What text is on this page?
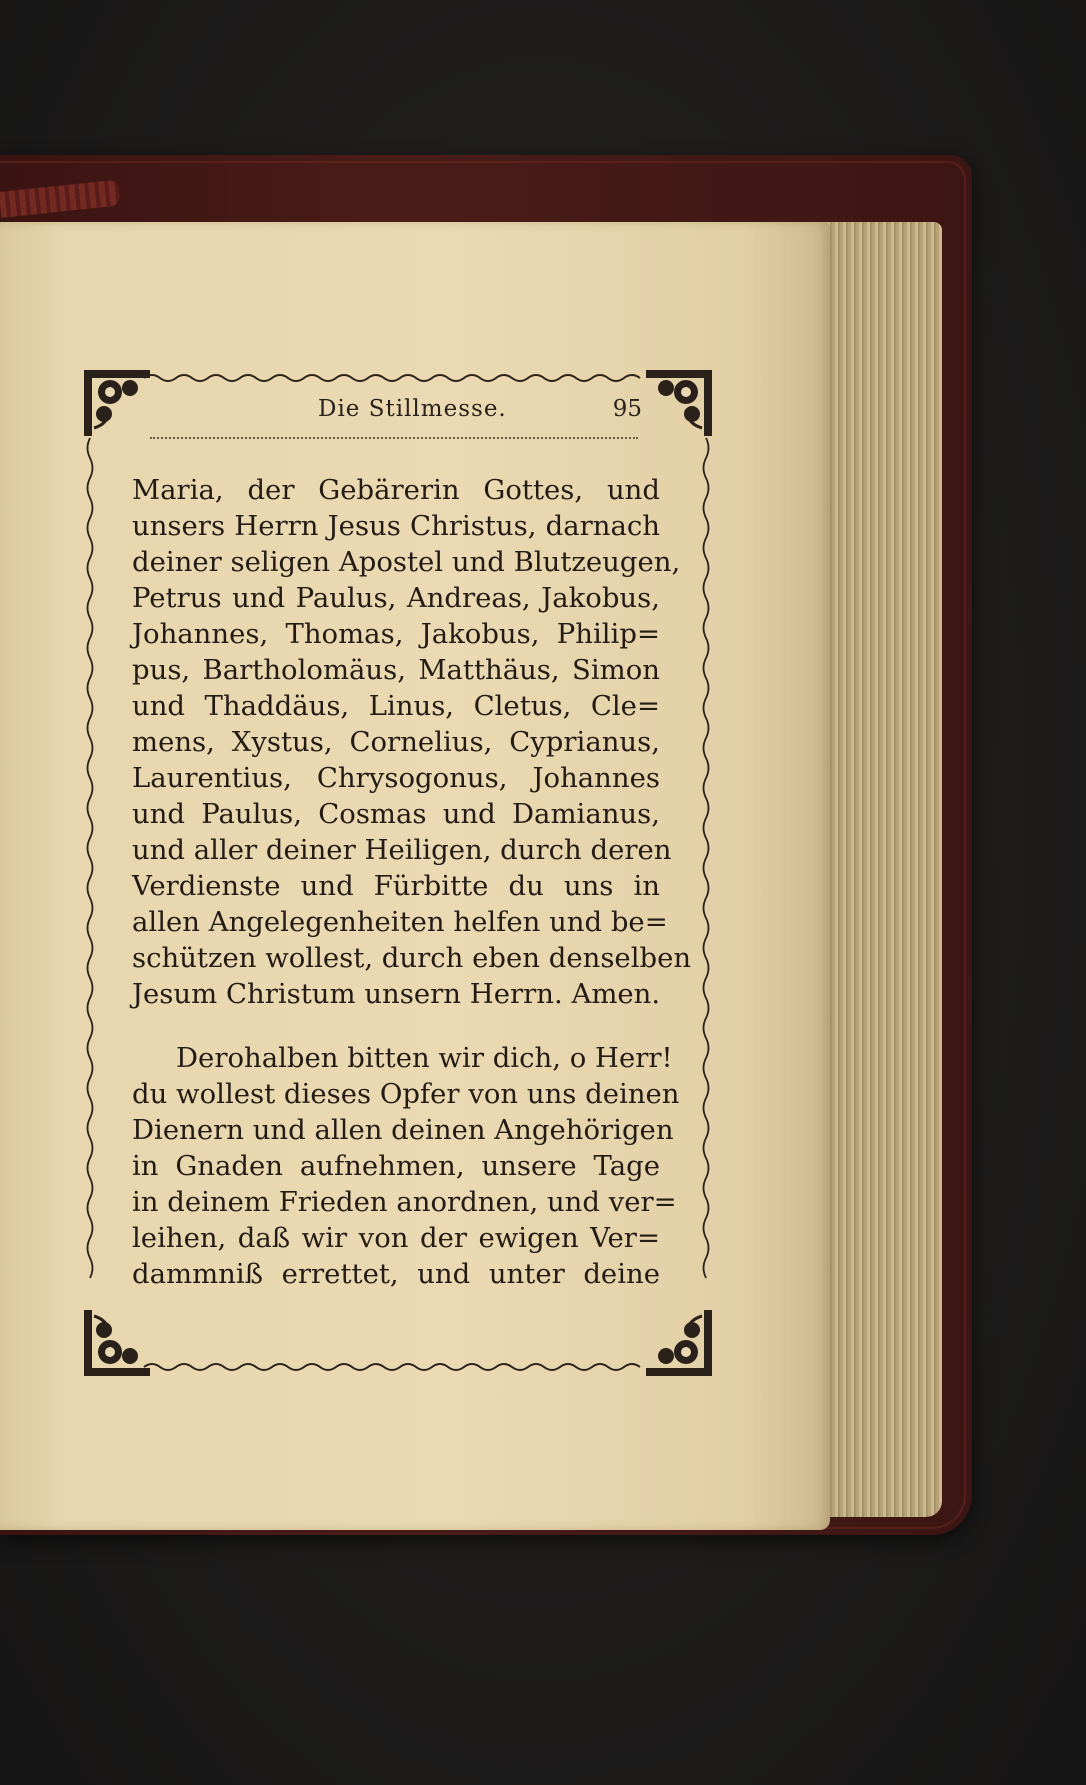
Die Stillmesse.	95
Maria, der Gebärerin Gottes, und
unsers Herrn Jesus Christus, darnach
deiner seligen Apostel und Blutzeugen,
Petrus und Paulus, Andreas, Jakobus,
Johannes, Thomas, Jakobus, Philip=
pus, Bartholomäus, Matthäus, Simon
und Thaddäus, Linus, Cletus, Cle=
mens, Xystus, Cornelius, Cyprianus,
Laurentius, Chrysogonus, Johannes
und Paulus, Cosmas und Damianus,
und aller deiner Heiligen, durch deren
Verdienste und Fürbitte du uns in
allen Angelegenheiten helfen und be=
schützen wollest, durch eben denselben
Jesum Christum unsern Herrn. Amen.
Derohalben bitten wir dich, o Herr!
du wollest dieses Opfer von uns deinen
Dienern und allen deinen Angehörigen
in Gnaden aufnehmen, unsere Tage
in deinem Frieden anordnen, und ver=
leihen, daß wir von der ewigen Ver=
dammniß errettet, und unter deine
